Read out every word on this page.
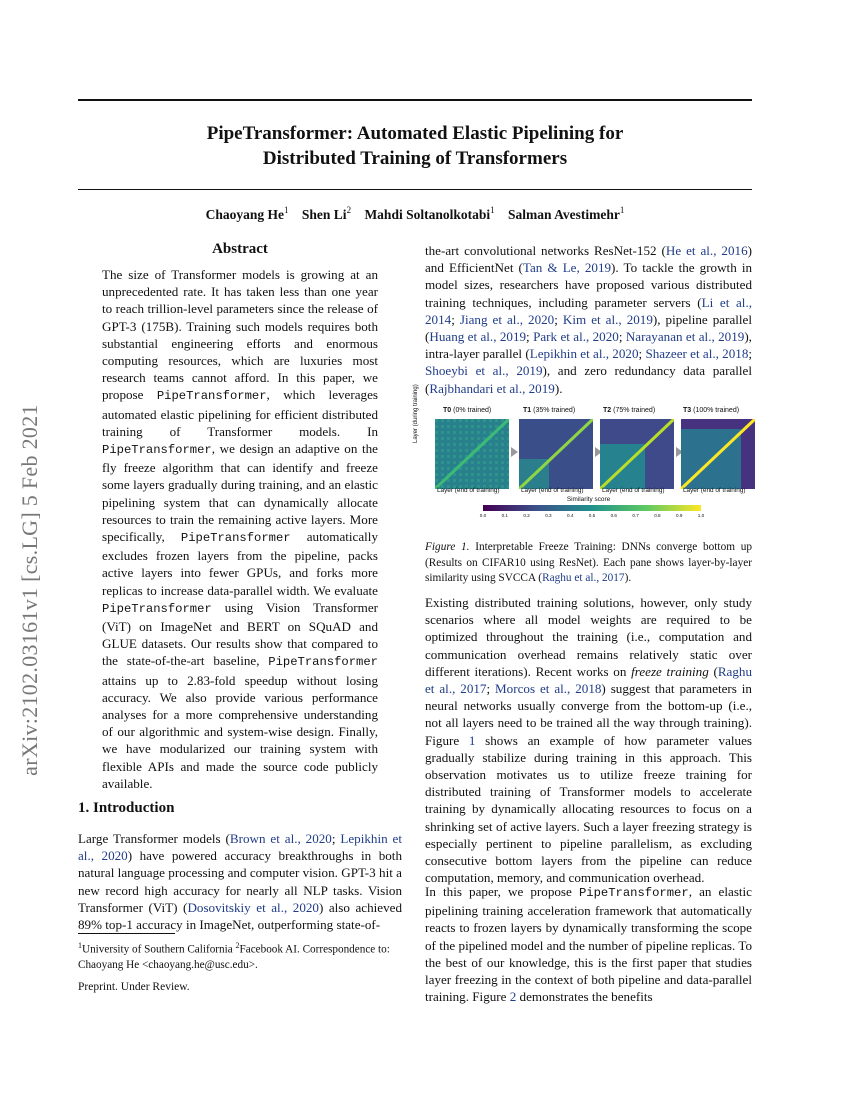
arXiv:2102.03161v1 [cs.LG] 5 Feb 2021
PipeTransformer: Automated Elastic Pipelining for
Distributed Training of Transformers
Chaoyang He$^1$ Shen Li$^2$ Mahdi Soltanolkotabi$^1$ Salman Avestimehr$^1$
Abstract
The size of Transformer models is growing at an unprecedented rate. It has taken less than one year to reach trillion-level parameters since the release of GPT-3 (175B). Training such models requires both substantial engineering efforts and enormous computing resources, which are luxuries most research teams cannot afford. In this paper, we propose PipeTransformer, which leverages automated elastic pipelining for efficient distributed training of Transformer models. In PipeTransformer, we design an adaptive on the fly freeze algorithm that can identify and freeze some layers gradually during training, and an elastic pipelining system that can dynamically allocate resources to train the remaining active layers. More specifically, PipeTransformer automatically excludes frozen layers from the pipeline, packs active layers into fewer GPUs, and forks more replicas to increase data-parallel width. We evaluate PipeTransformer using Vision Transformer (ViT) on ImageNet and BERT on SQuAD and GLUE datasets. Our results show that compared to the state-of-the-art baseline, PipeTransformer attains up to 2.83-fold speedup without losing accuracy. We also provide various performance analyses for a more comprehensive understanding of our algorithmic and system-wise design. Finally, we have modularized our training system with flexible APIs and made the source code publicly available.
1. Introduction
Large Transformer models (Brown et al., 2020; Lepikhin et al., 2020) have powered accuracy breakthroughs in both natural language processing and computer vision. GPT-3 hit a new record high accuracy for nearly all NLP tasks. Vision Transformer (ViT) (Dosovitskiy et al., 2020) also achieved 89% top-1 accuracy in ImageNet, outperforming state-of-
$^1$University of Southern California $^2$Facebook AI. Correspondence to: Chaoyang He <chaoyang.he@usc.edu>.
Preprint. Under Review.
the-art convolutional networks ResNet-152 (He et al., 2016) and EfficientNet (Tan & Le, 2019). To tackle the growth in model sizes, researchers have proposed various distributed training techniques, including parameter servers (Li et al., 2014; Jiang et al., 2020; Kim et al., 2019), pipeline parallel (Huang et al., 2019; Park et al., 2020; Narayanan et al., 2019), intra-layer parallel (Lepikhin et al., 2020; Shazeer et al., 2018; Shoeybi et al., 2019), and zero redundancy data parallel (Rajbhandari et al., 2019).
Layer (during training)	T0 (0% trained)	T1 (35% trained)	T2 (75% trained)	T3 (100% trained)
Layer (end of training)	Layer (end of training)	Layer (end of training)	Layer (end of training)
Similarity score
0.0	0.1	0.2	0.3	0.4	0.5	0.6	0.7	0.8	0.9	1.0
Figure 1. Interpretable Freeze Training: DNNs converge bottom up (Results on CIFAR10 using ResNet). Each pane shows layer-by-layer similarity using SVCCA (Raghu et al., 2017).
Existing distributed training solutions, however, only study scenarios where all model weights are required to be optimized throughout the training (i.e., computation and communication overhead remains relatively static over different iterations). Recent works on freeze training (Raghu et al., 2017; Morcos et al., 2018) suggest that parameters in neural networks usually converge from the bottom-up (i.e., not all layers need to be trained all the way through training). Figure 1 shows an example of how parameter values gradually stabilize during training in this approach. This observation motivates us to utilize freeze training for distributed training of Transformer models to accelerate training by dynamically allocating resources to focus on a shrinking set of active layers. Such a layer freezing strategy is especially pertinent to pipeline parallelism, as excluding consecutive bottom layers from the pipeline can reduce computation, memory, and communication overhead.
In this paper, we propose PipeTransformer, an elastic pipelining training acceleration framework that automatically reacts to frozen layers by dynamically transforming the scope of the pipelined model and the number of pipeline replicas. To the best of our knowledge, this is the first paper that studies layer freezing in the context of both pipeline and data-parallel training. Figure 2 demonstrates the benefits
